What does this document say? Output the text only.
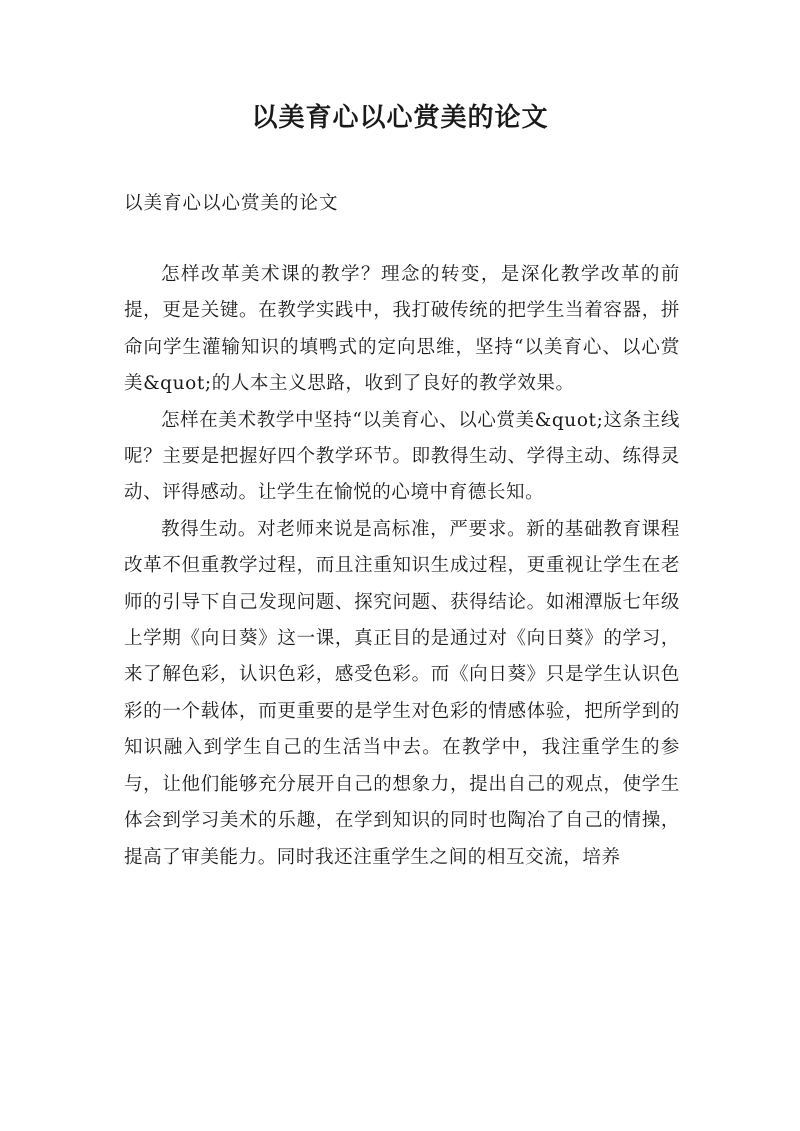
以美育心以心赏美的论文

以美育心以心赏美的论文

怎样改革美术课的教学？理念的转变，是深化教学改革的前提，更是关键。在教学实践中，我打破传统的把学生当着容器，拼命向学生灌输知识的填鸭式的定向思维，坚持“以美育心、以心赏美&quot;的人本主义思路，收到了良好的教学效果。

怎样在美术教学中坚持“以美育心、以心赏美&quot;这条主线呢？主要是把握好四个教学环节。即教得生动、学得主动、练得灵动、评得感动。让学生在愉悦的心境中育德长知。

教得生动。对老师来说是高标准，严要求。新的基础教育课程改革不但重教学过程，而且注重知识生成过程，更重视让学生在老师的引导下自己发现问题、探究问题、获得结论。如湘潭版七年级上学期《向日葵》这一课，真正目的是通过对《向日葵》的学习，来了解色彩，认识色彩，感受色彩。而《向日葵》只是学生认识色彩的一个载体，而更重要的是学生对色彩的情感体验，把所学到的知识融入到学生自己的生活当中去。在教学中，我注重学生的参与，让他们能够充分展开自己的想象力，提出自己的观点，使学生体会到学习美术的乐趣，在学到知识的同时也陶冶了自己的情操，提高了审美能力。同时我还注重学生之间的相互交流，培养
